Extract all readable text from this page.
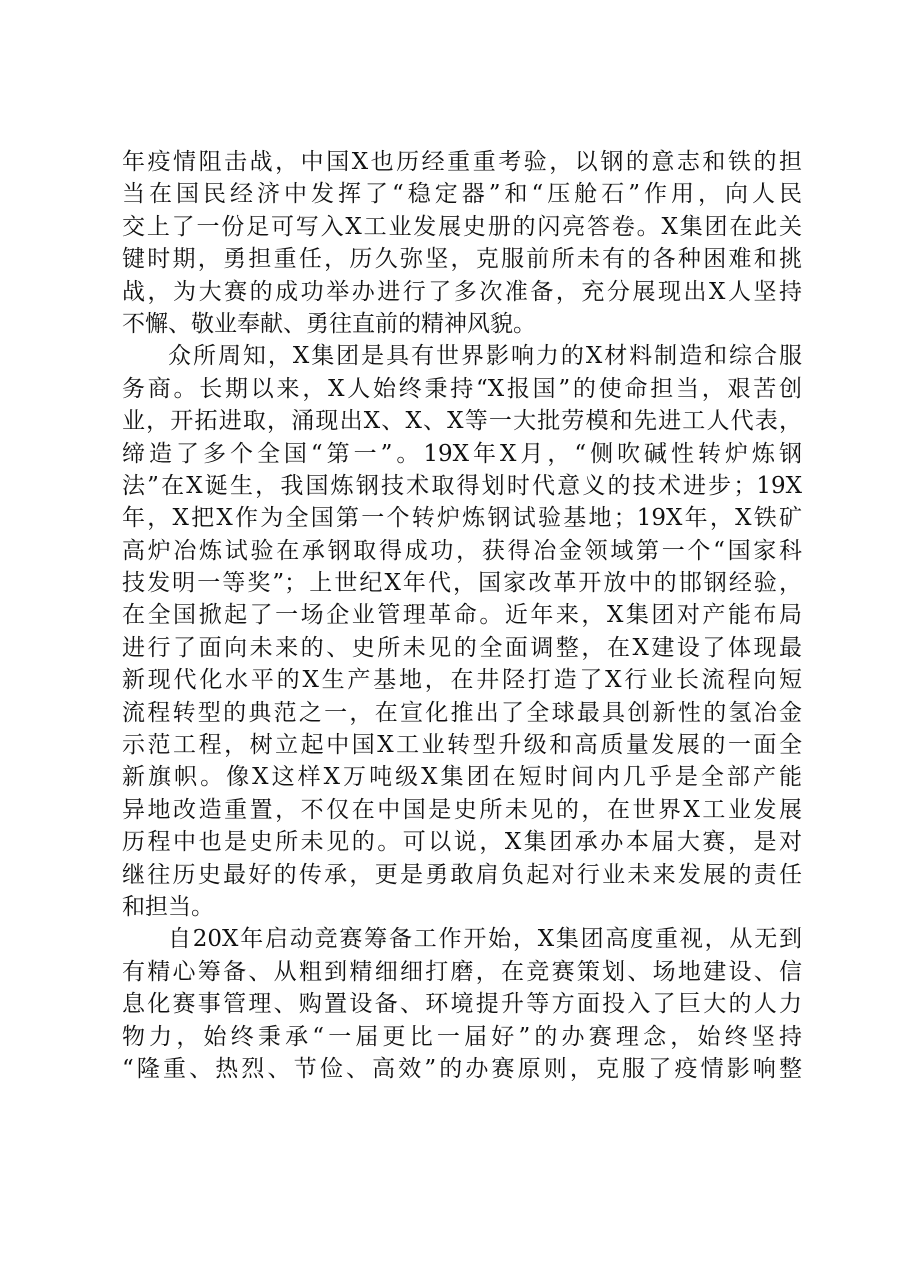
年疫情阻击战，中国X也历经重重考验，以钢的意志和铁的担
当在国民经济中发挥了“稳定器”和“压舱石”作用，向人民
交上了一份足可写入X工业发展史册的闪亮答卷。X集团在此关
键时期，勇担重任，历久弥坚，克服前所未有的各种困难和挑
战，为大赛的成功举办进行了多次准备，充分展现出X人坚持
不懈、敬业奉献、勇往直前的精神风貌。
众所周知，X集团是具有世界影响力的X材料制造和综合服
务商。长期以来，X人始终秉持“X报国”的使命担当，艰苦创
业，开拓进取，涌现出X、X、X等一大批劳模和先进工人代表，
缔造了多个全国“第一”。19X年X月，“侧吹碱性转炉炼钢
法”在X诞生，我国炼钢技术取得划时代意义的技术进步；19X
年，X把X作为全国第一个转炉炼钢试验基地；19X年，X铁矿
高炉冶炼试验在承钢取得成功，获得冶金领域第一个“国家科
技发明一等奖”；上世纪X年代，国家改革开放中的邯钢经验，
在全国掀起了一场企业管理革命。近年来，X集团对产能布局
进行了面向未来的、史所未见的全面调整，在X建设了体现最
新现代化水平的X生产基地，在井陉打造了X行业长流程向短
流程转型的典范之一，在宣化推出了全球最具创新性的氢冶金
示范工程，树立起中国X工业转型升级和高质量发展的一面全
新旗帜。像X这样X万吨级X集团在短时间内几乎是全部产能
异地改造重置，不仅在中国是史所未见的，在世界X工业发展
历程中也是史所未见的。可以说，X集团承办本届大赛，是对
继往历史最好的传承，更是勇敢肩负起对行业未来发展的责任
和担当。
自20X年启动竞赛筹备工作开始，X集团高度重视，从无到
有精心筹备、从粗到精细细打磨，在竞赛策划、场地建设、信
息化赛事管理、购置设备、环境提升等方面投入了巨大的人力
物力，始终秉承“一届更比一届好”的办赛理念，始终坚持
“隆重、热烈、节俭、高效”的办赛原则，克服了疫情影响整
